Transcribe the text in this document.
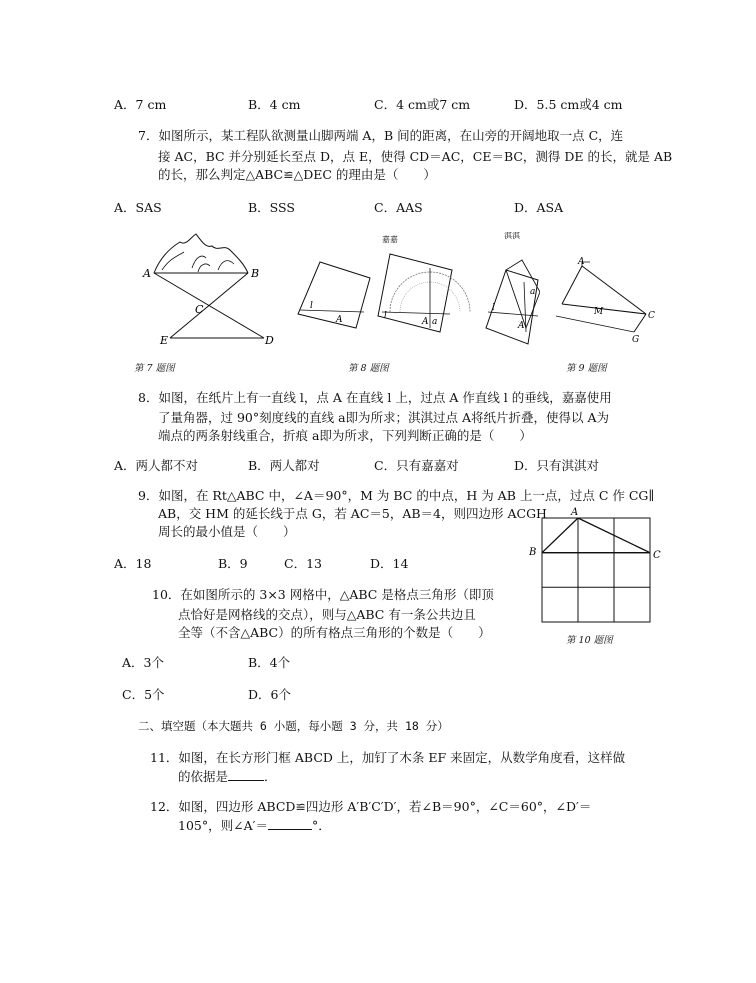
A．7 cm	B．4 cm	C．4 cm或7 cm	D．5.5 cm或4 cm
7．如图所示，某工程队欲测量山脚两端 A，B 间的距离，在山旁的开阔地取一点 C，连
接 AC，BC 并分别延长至点 D，点 E，使得 CD＝AC，CE＝BC，测得 DE 的长，就是 AB
的长，那么判定△ABC≌△DEC 的理由是（　　）
A．SAS	B．SSS	C．AAS	D．ASA
A	B
C
E	D
第 7 题图
l
A
嘉嘉
l
A a
淇淇
l
A
a
第 8 题图
A
M	C
G
第 9 题图
8．如图，在纸片上有一直线 l，点 A 在直线 l 上，过点 A 作直线 l 的垂线，嘉嘉使用
了量角器，过 90°刻度线的直线 a即为所求；淇淇过点 A将纸片折叠，使得以 A为
端点的两条射线重合，折痕 a即为所求，下列判断正确的是（　　）
A．两人都不对	B．两人都对	C．只有嘉嘉对	D．只有淇淇对
9．如图，在 Rt△ABC 中，∠A＝90°，M 为 BC 的中点，H 为 AB 上一点，过点 C 作 CG∥
AB，交 HM 的延长线于点 G，若 AC＝5，AB＝4，则四边形 ACGH
周长的最小值是（　　）
A．18	B．9	C．13	D．14
A
B	C
第 10 题图
10．在如图所示的 3×3 网格中，△ABC 是格点三角形（即顶
点恰好是网格线的交点），则与△ABC 有一条公共边且
全等（不含△ABC）的所有格点三角形的个数是（　　）
A．3个	B．4个
C．5个	D．6个
二、填空题（本大题共 6 小题，每小题 3 分，共 18 分）
11．如图，在长方形门框 ABCD 上，加钉了木条 EF 来固定，从数学角度看，这样做
的依据是	．
12．如图，四边形 ABCD≌四边形 A′B′C′D′，若∠B＝90°，∠C＝60°，∠D′＝
105°，则∠A′＝	°．
